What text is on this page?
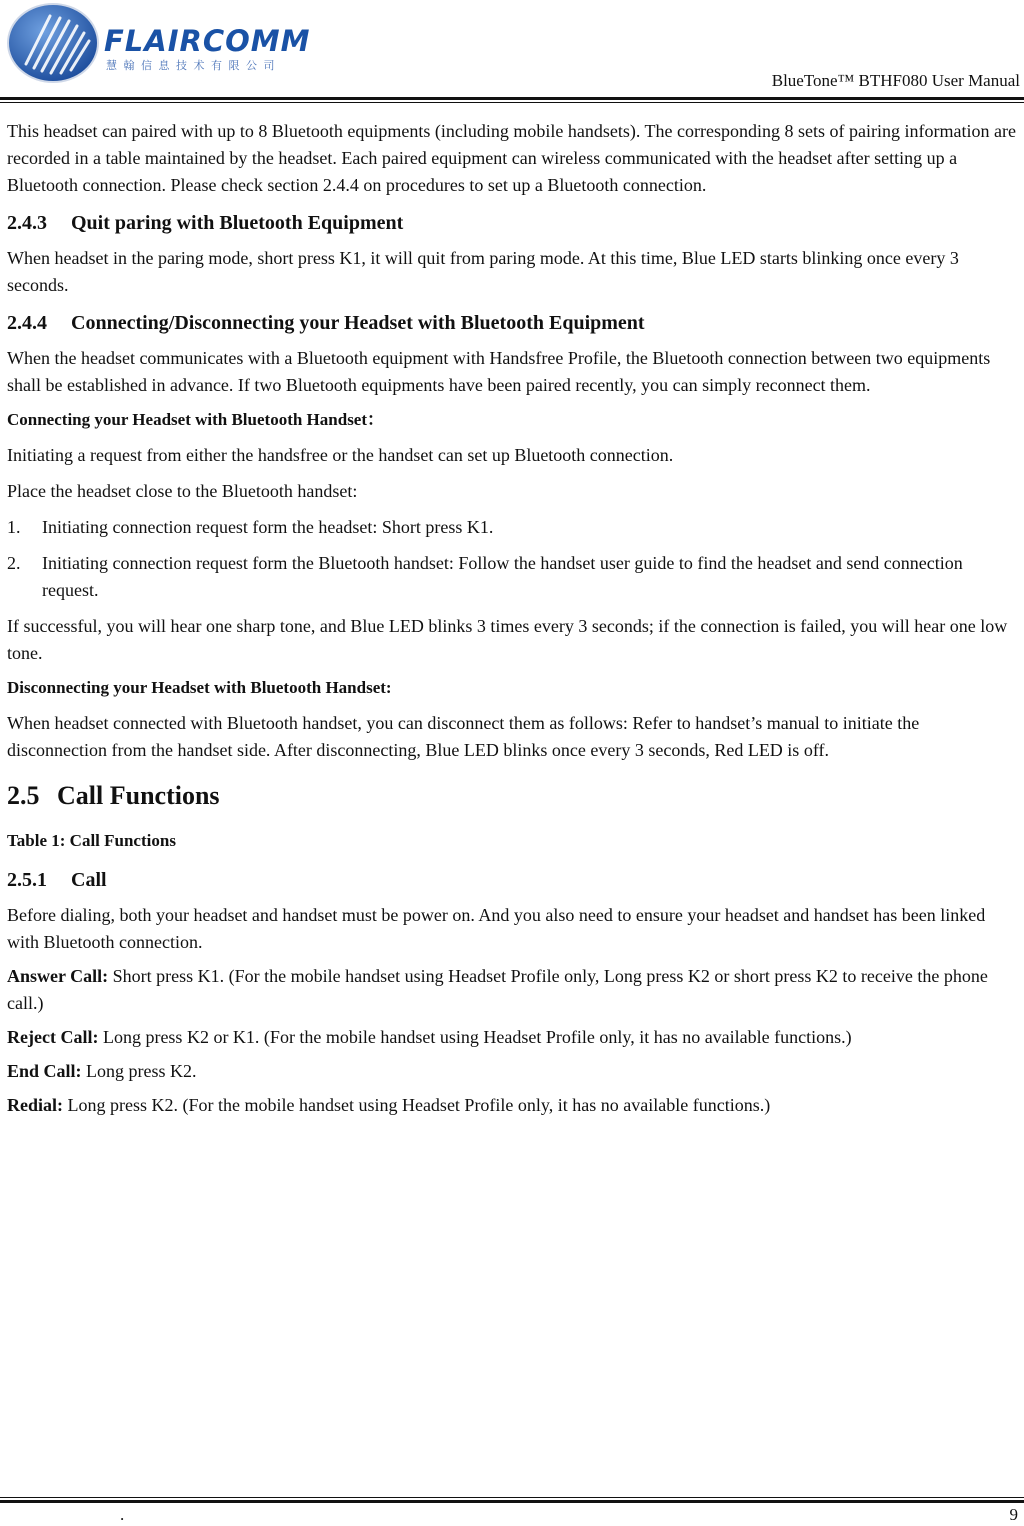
FLAIRCOMM
慧翰信息技术有限公司
BlueTone™ BTHF080 User Manual

This headset can paired with up to 8 Bluetooth equipments (including mobile handsets). The corresponding 8 sets of pairing information are recorded in a table maintained by the headset. Each paired equipment can wireless communicated with the headset after setting up a Bluetooth connection. Please check section 2.4.4 on procedures to set up a Bluetooth connection.

2.4.3 Quit paring with Bluetooth Equipment

When headset in the paring mode, short press K1, it will quit from paring mode. At this time, Blue LED starts blinking once every 3 seconds.

2.4.4 Connecting/Disconnecting your Headset with Bluetooth Equipment

When the headset communicates with a Bluetooth equipment with Handsfree Profile, the Bluetooth connection between two equipments shall be established in advance. If two Bluetooth equipments have been paired recently, you can simply reconnect them.

Connecting your Headset with Bluetooth Handset：

Initiating a request from either the handsfree or the handset can set up Bluetooth connection.

Place the headset close to the Bluetooth handset:

1.	Initiating connection request form the headset: Short press K1.
2.	Initiating connection request form the Bluetooth handset: Follow the handset user guide to find the headset and send connection request.

If successful, you will hear one sharp tone, and Blue LED blinks 3 times every 3 seconds; if the connection is failed, you will hear one low tone.

Disconnecting your Headset with Bluetooth Handset:

When headset connected with Bluetooth handset, you can disconnect them as follows: Refer to handset’s manual to initiate the disconnection from the handset side. After disconnecting, Blue LED blinks once every 3 seconds, Red LED is off.

2.5 Call Functions
Table 1: Call Functions
2.5.1 Call

Before dialing, both your headset and handset must be power on. And you also need to ensure your headset and handset has been linked with Bluetooth connection.

Answer Call: Short press K1. (For the mobile handset using Headset Profile only, Long press K2 or short press K2 to receive the phone call.)

Reject Call: Long press K2 or K1. (For the mobile handset using Headset Profile only, it has no available functions.)

End Call: Long press K2.

Redial: Long press K2. (For the mobile handset using Headset Profile only, it has no available functions.)

.	9
